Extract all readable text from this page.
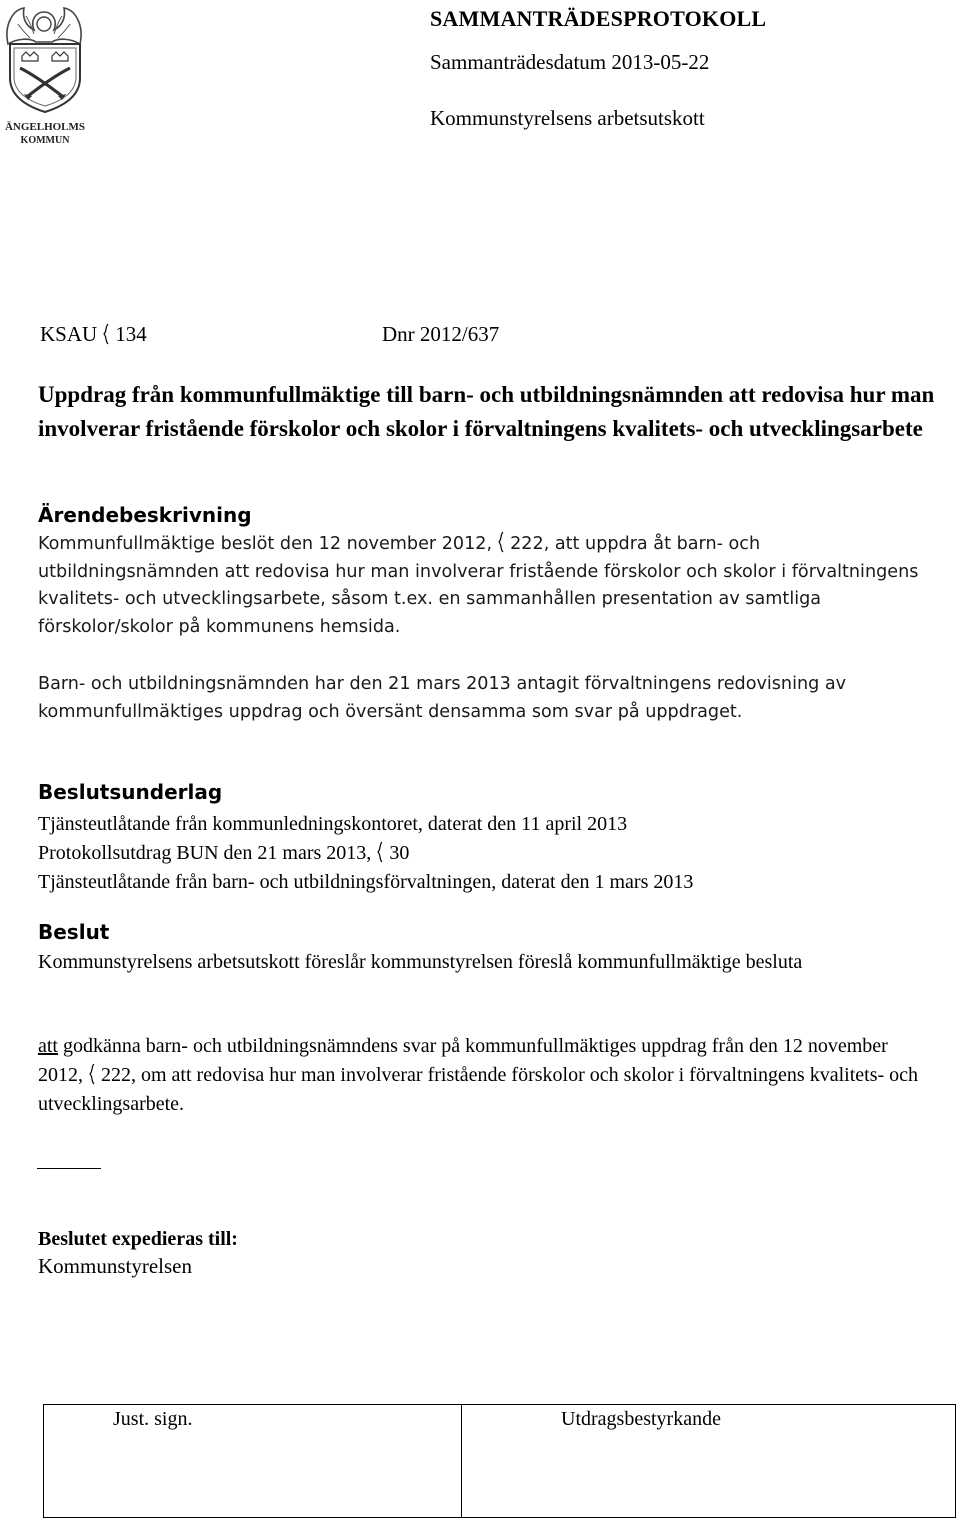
ÄNGELHOLMS
KOMMUN
SAMMANTRÄDESPROTOKOLL
Sammanträdesdatum 2013-05-22
Kommunstyrelsens arbetsutskott
KSAU 134	Dnr 2012/637
Uppdrag från kommunfullmäktige till barn- och utbildningsnämnden att redovisa hur man involverar fristående förskolor och skolor i förvaltningens kvalitets- och utvecklingsarbete
Ärendebeskrivning
Kommunfullmäktige beslöt den 12 november 2012, 222, att uppdra åt barn- och utbildningsnämnden att redovisa hur man involverar fristående förskolor och skolor i förvaltningens kvalitets- och utvecklingsarbete, såsom t.ex. en sammanhållen presentation av samtliga förskolor/skolor på kommunens hemsida.
Barn- och utbildningsnämnden har den 21 mars 2013 antagit förvaltningens redovisning av kommunfullmäktiges uppdrag och översänt densamma som svar på uppdraget.
Beslutsunderlag
Tjänsteutlåtande från kommunledningskontoret, daterat den 11 april 2013
Protokollsutdrag BUN den 21 mars 2013, 30
Tjänsteutlåtande från barn- och utbildningsförvaltningen, daterat den 1 mars 2013
Beslut
Kommunstyrelsens arbetsutskott föreslår kommunstyrelsen föreslå kommunfullmäktige besluta
att godkänna barn- och utbildningsnämndens svar på kommunfullmäktiges uppdrag från den 12 november 2012, 222, om att redovisa hur man involverar fristående förskolor och skolor i förvaltningens kvalitets- och utvecklingsarbete.
Beslutet expedieras till:
Kommunstyrelsen
Just. sign.	Utdragsbestyrkande
